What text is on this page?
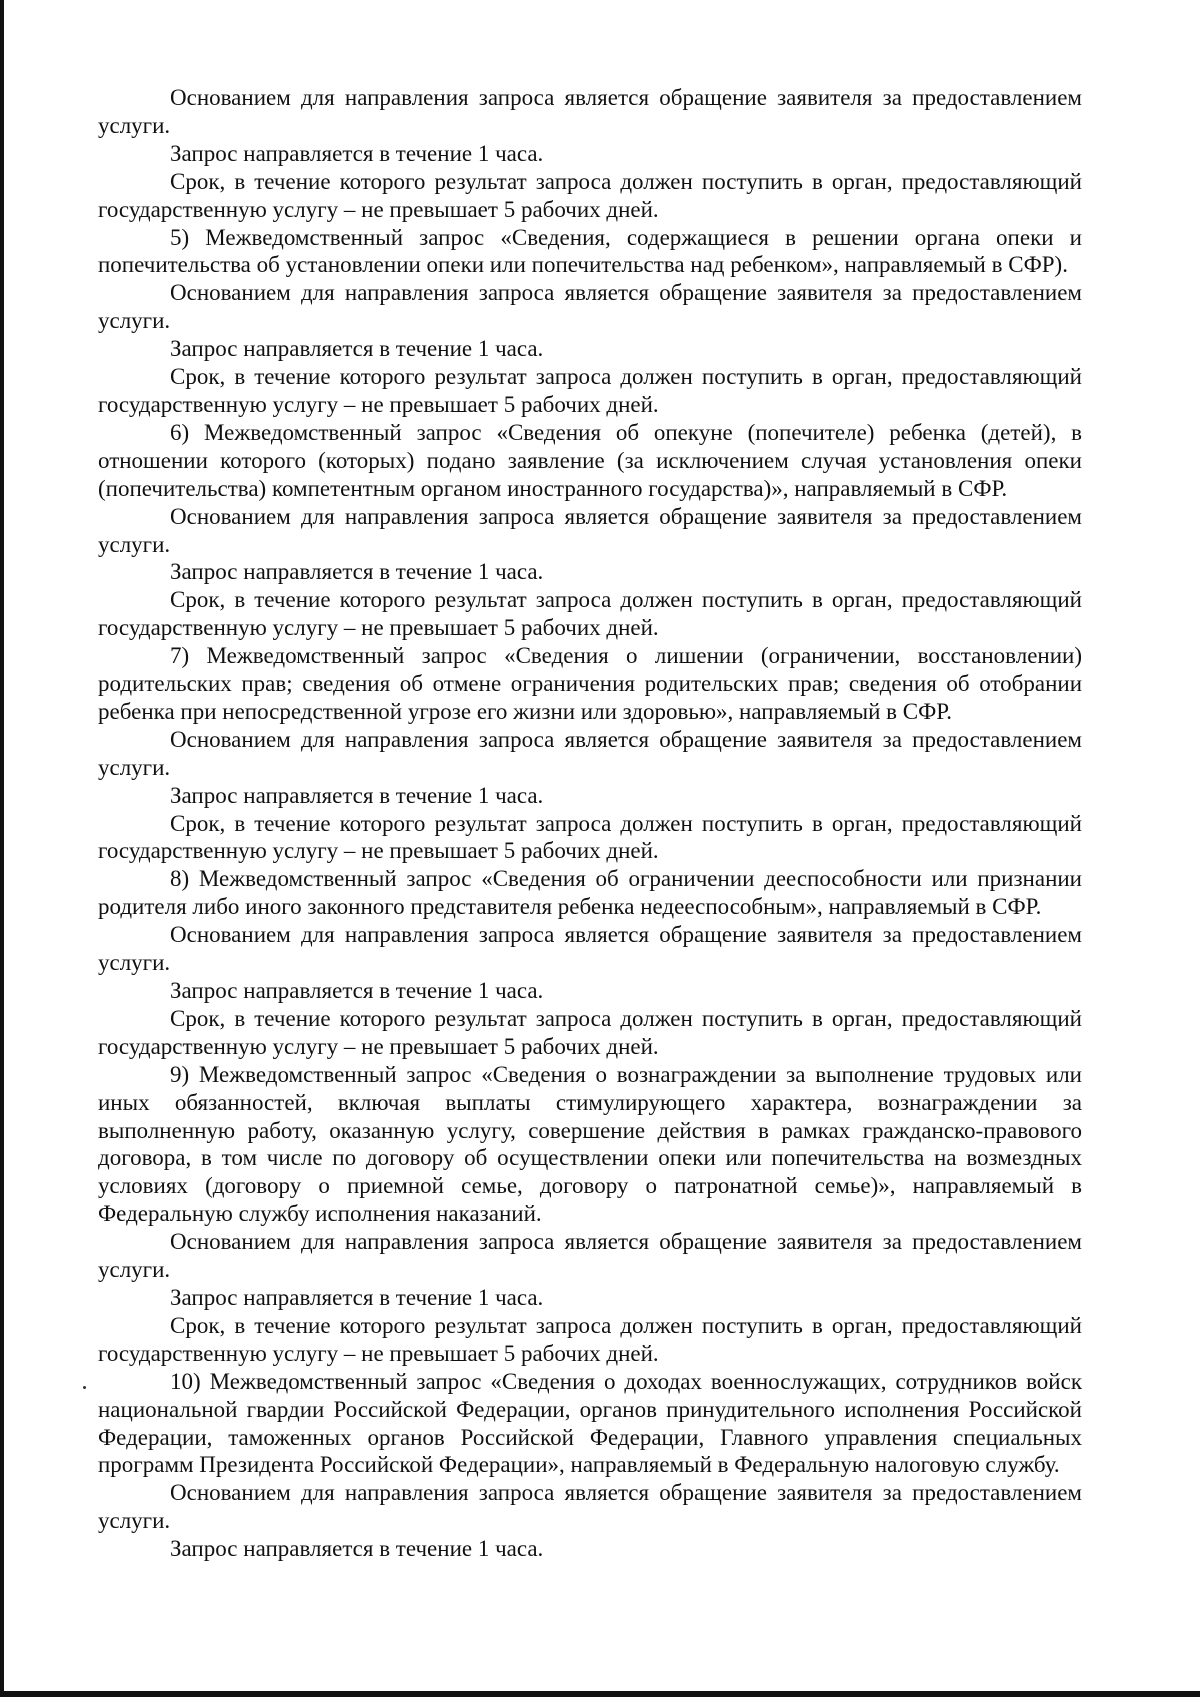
Основанием для направления запроса является обращение заявителя за предоставлением услуги.

Запрос направляется в течение 1 часа.

Срок, в течение которого результат запроса должен поступить в орган, предоставляющий государственную услугу – не превышает 5 рабочих дней.

5) Межведомственный запрос «Сведения, содержащиеся в решении органа опеки и попечительства об установлении опеки или попечительства над ребенком», направляемый в СФР).

Основанием для направления запроса является обращение заявителя за предоставлением услуги.

Запрос направляется в течение 1 часа.

Срок, в течение которого результат запроса должен поступить в орган, предоставляющий государственную услугу – не превышает 5 рабочих дней.

6) Межведомственный запрос «Сведения об опекуне (попечителе) ребенка (детей), в отношении которого (которых) подано заявление (за исключением случая установления опеки (попечительства) компетентным органом иностранного государства)», направляемый в СФР.

Основанием для направления запроса является обращение заявителя за предоставлением услуги.

Запрос направляется в течение 1 часа.

Срок, в течение которого результат запроса должен поступить в орган, предоставляющий государственную услугу – не превышает 5 рабочих дней.

7) Межведомственный запрос «Сведения о лишении (ограничении, восстановлении) родительских прав; сведения об отмене ограничения родительских прав; сведения об отобрании ребенка при непосредственной угрозе его жизни или здоровью», направляемый в СФР.

Основанием для направления запроса является обращение заявителя за предоставлением услуги.

Запрос направляется в течение 1 часа.

Срок, в течение которого результат запроса должен поступить в орган, предоставляющий государственную услугу – не превышает 5 рабочих дней.

8) Межведомственный запрос «Сведения об ограничении дееспособности или признании родителя либо иного законного представителя ребенка недееспособным», направляемый в СФР.

Основанием для направления запроса является обращение заявителя за предоставлением услуги.

Запрос направляется в течение 1 часа.

Срок, в течение которого результат запроса должен поступить в орган, предоставляющий государственную услугу – не превышает 5 рабочих дней.

9) Межведомственный запрос «Сведения о вознаграждении за выполнение трудовых или иных обязанностей, включая выплаты стимулирующего характера, вознаграждении за выполненную работу, оказанную услугу, совершение действия в рамках гражданско-правового договора, в том числе по договору об осуществлении опеки или попечительства на возмездных условиях (договору о приемной семье, договору о патронатной семье)», направляемый в Федеральную службу исполнения наказаний.

Основанием для направления запроса является обращение заявителя за предоставлением услуги.

Запрос направляется в течение 1 часа.

Срок, в течение которого результат запроса должен поступить в орган, предоставляющий государственную услугу – не превышает 5 рабочих дней.

10) Межведомственный запрос «Сведения о доходах военнослужащих, сотрудников войск национальной гвардии Российской Федерации, органов принудительного исполнения Российской Федерации, таможенных органов Российской Федерации, Главного управления специальных программ Президента Российской Федерации», направляемый в Федеральную налоговую службу.

Основанием для направления запроса является обращение заявителя за предоставлением услуги.

Запрос направляется в течение 1 часа.
